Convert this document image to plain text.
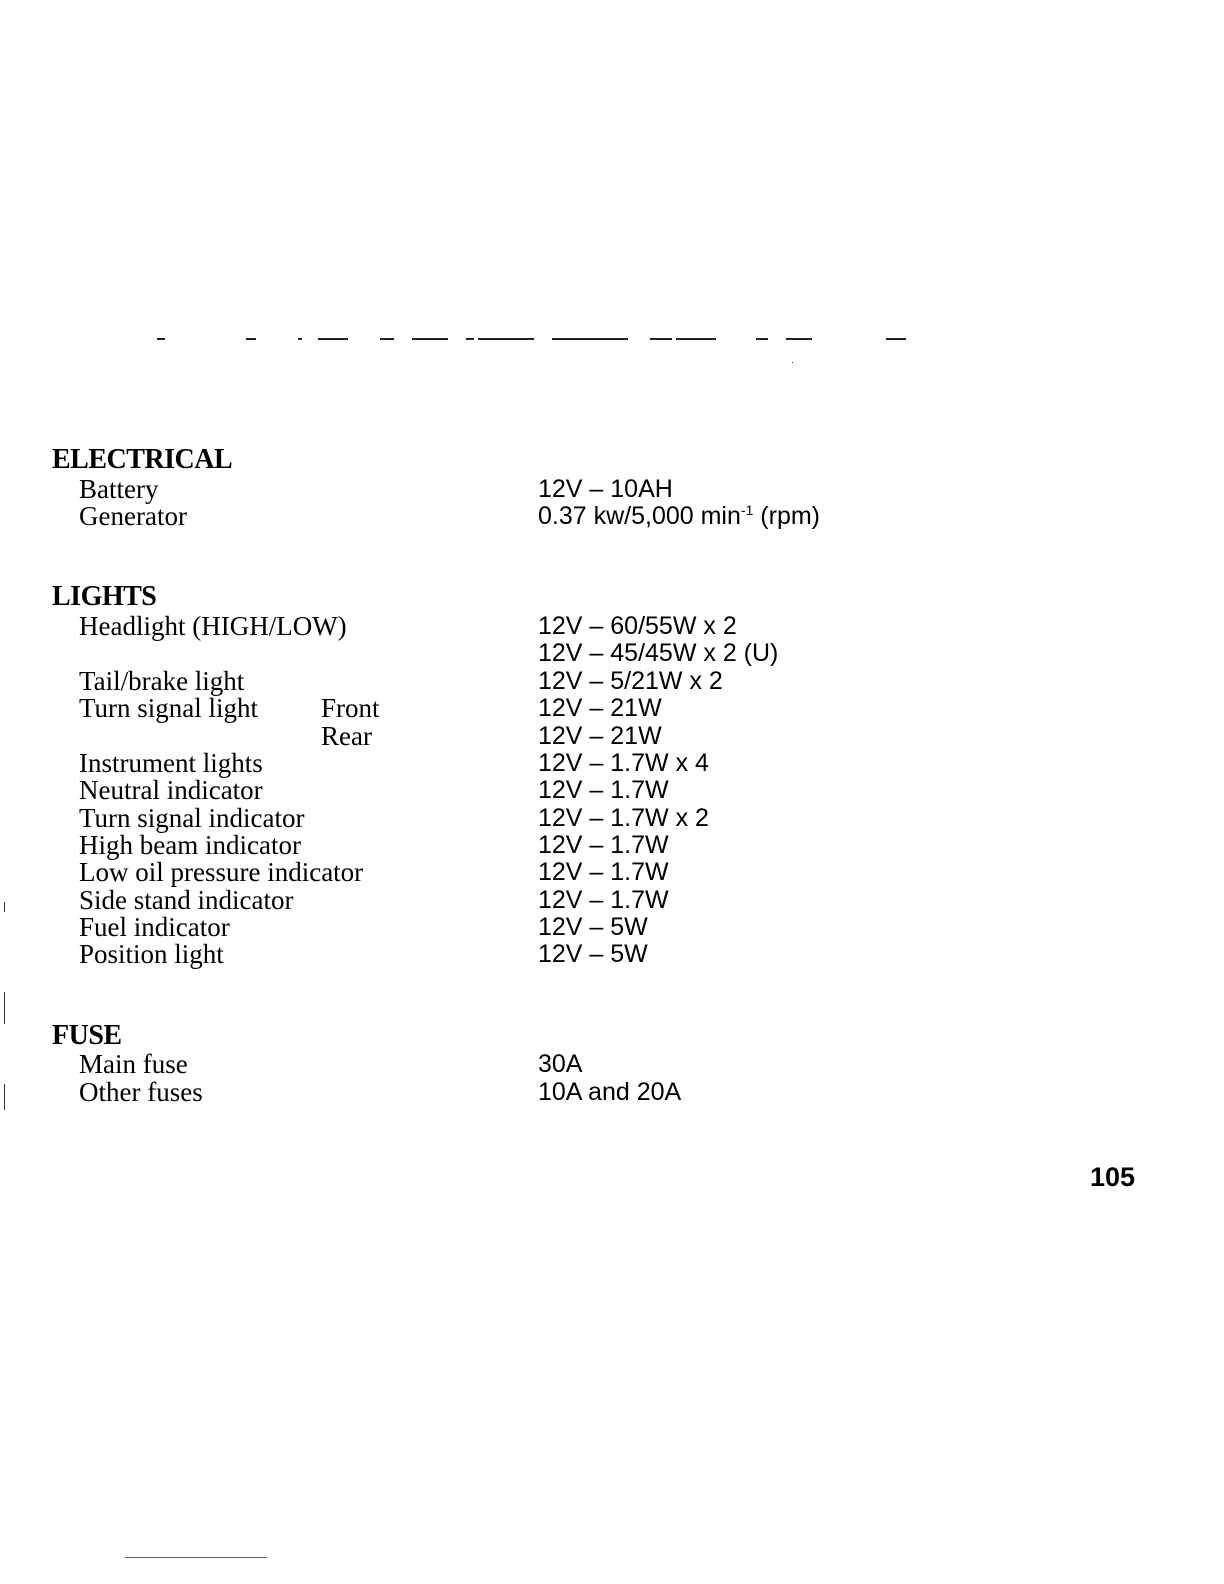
ELECTRICAL
Battery	12V – 10AH
Generator	0.37 kw/5,000 $\min^{-1} (rpm)$
LIGHTS
Headlight (HIGH/LOW)	12V – 60/55W x 2
12V – 45/45W x 2 (U)
Tail/brake light	12V – 5/21W x 2
Turn signal light Front	12V – 21W
Rear	12V – 21W
Instrument lights	12V – 1.7W x 4
Neutral indicator	12V – 1.7W
Turn signal indicator	12V – 1.7W x 2
High beam indicator	12V – 1.7W
Low oil pressure indicator	12V – 1.7W
Side stand indicator	12V – 1.7W
Fuel indicator	12V – 5W
Position light	12V – 5W
FUSE
Main fuse	30A
Other fuses	10A and 20A
105
